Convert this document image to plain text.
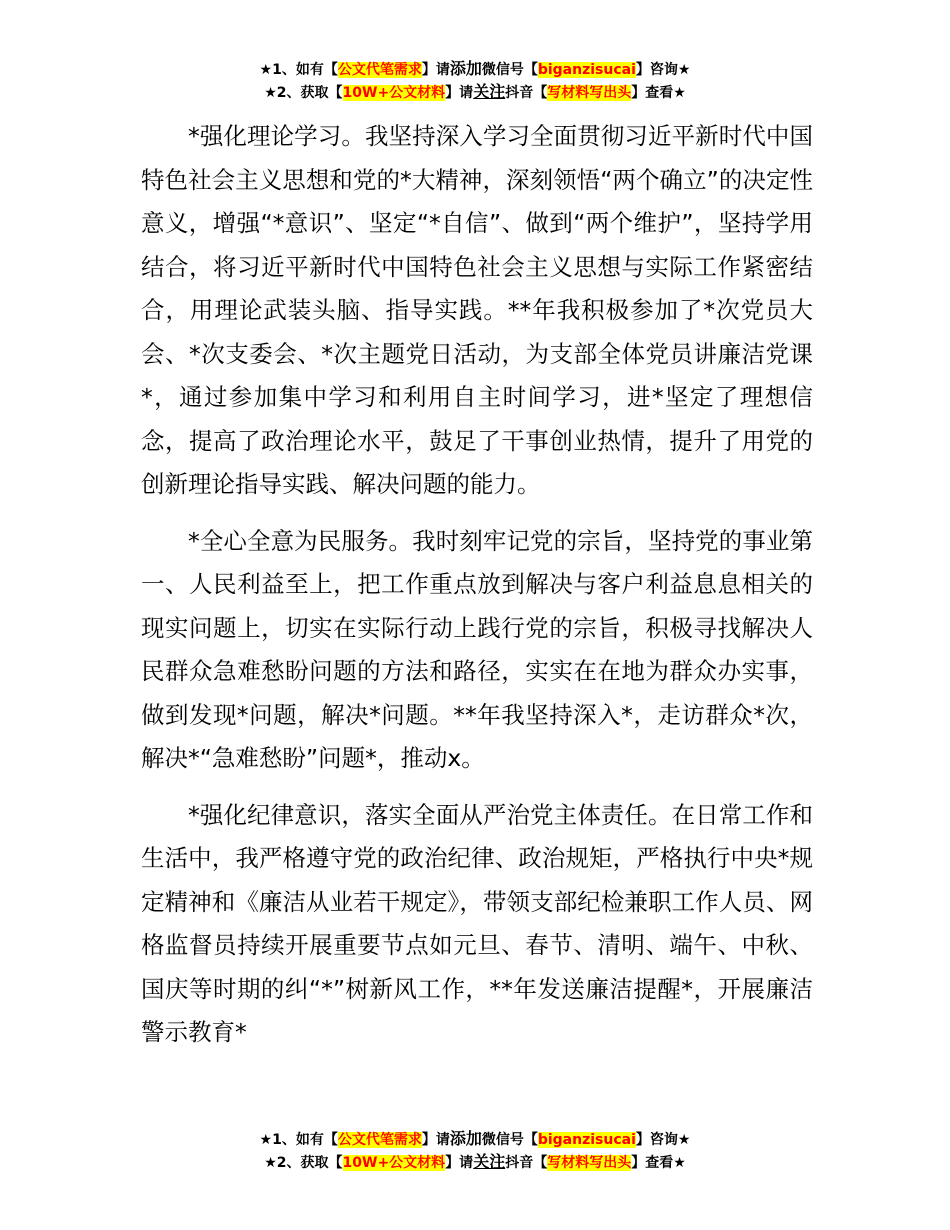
★1、如有【公文代笔需求】请添加微信号【biganzisucai】咨询★
★2、获取【10W+公文材料】请关注抖音【写材料写出头】查看★

*强化理论学习。我坚持深入学习全面贯彻习近平新时代中国特色社会主义思想和党的*大精神，深刻领悟“两个确立”的决定性意义，增强“*意识”、坚定“*自信”、做到“两个维护”，坚持学用结合，将习近平新时代中国特色社会主义思想与实际工作紧密结合，用理论武装头脑、指导实践。**年我积极参加了*次党员大会、*次支委会、*次主题党日活动，为支部全体党员讲廉洁党课*，通过参加集中学习和利用自主时间学习，进*坚定了理想信念，提高了政治理论水平，鼓足了干事创业热情，提升了用党的创新理论指导实践、解决问题的能力。

*全心全意为民服务。我时刻牢记党的宗旨，坚持党的事业第一、人民利益至上，把工作重点放到解决与客户利益息息相关的现实问题上，切实在实际行动上践行党的宗旨，积极寻找解决人民群众急难愁盼问题的方法和路径，实实在在地为群众办实事，做到发现*问题，解决*问题。**年我坚持深入*，走访群众*次，解决*“急难愁盼”问题*，推动x。

*强化纪律意识，落实全面从严治党主体责任。在日常工作和生活中，我严格遵守党的政治纪律、政治规矩，严格执行中央*规定精神和《廉洁从业若干规定》，带领支部纪检兼职工作人员、网格监督员持续开展重要节点如元旦、春节、清明、端午、中秋、国庆等时期的纠“*”树新风工作，**年发送廉洁提醒*，开展廉洁警示教育*

★1、如有【公文代笔需求】请添加微信号【biganzisucai】咨询★
★2、获取【10W+公文材料】请关注抖音【写材料写出头】查看★
